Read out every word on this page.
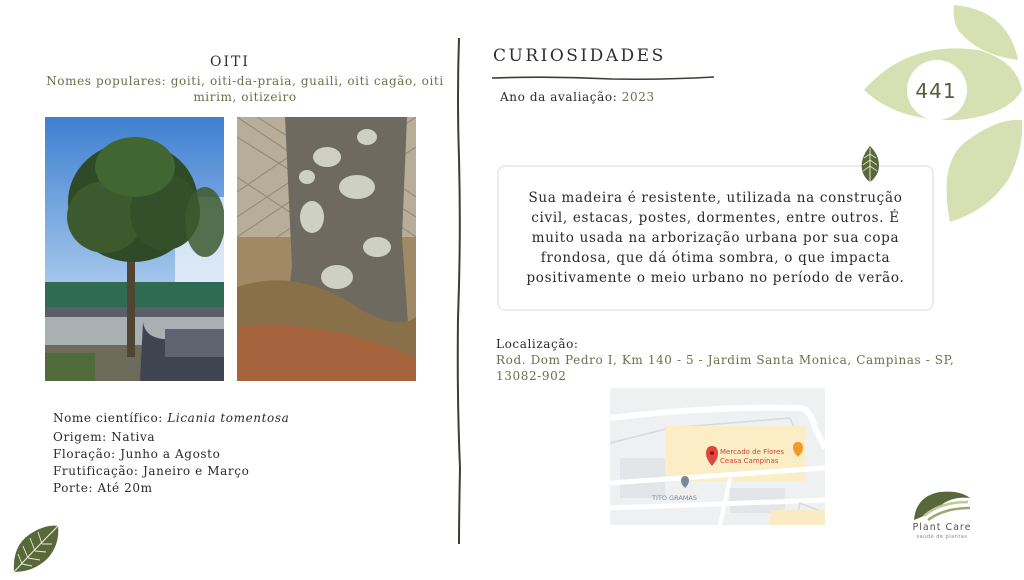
OITI
Nomes populares: goiti, oiti-da-praia, guaili, oiti cagão, oiti mirim, oitizeiro
Nome científico: Licania tomentosa
Origem: Nativa
Floração: Junho a Agosto
Frutificação: Janeiro e Março
Porte: Até 20m
CURIOSIDADES
Ano da avaliação: 2023
Sua madeira é resistente, utilizada na construção civil, estacas, postes, dormentes, entre outros. É muito usada na arborização urbana por sua copa frondosa, que dá ótima sombra, o que impacta positivamente o meio urbano no período de verão.
Localização:
Rod. Dom Pedro I, Km 140 - 5 - Jardim Santa Monica, Campinas - SP, 13082-902
Mercado de Flores
Ceasa Campinas
TITO GRAMAS
441
Plant Care
saúde de plantas
